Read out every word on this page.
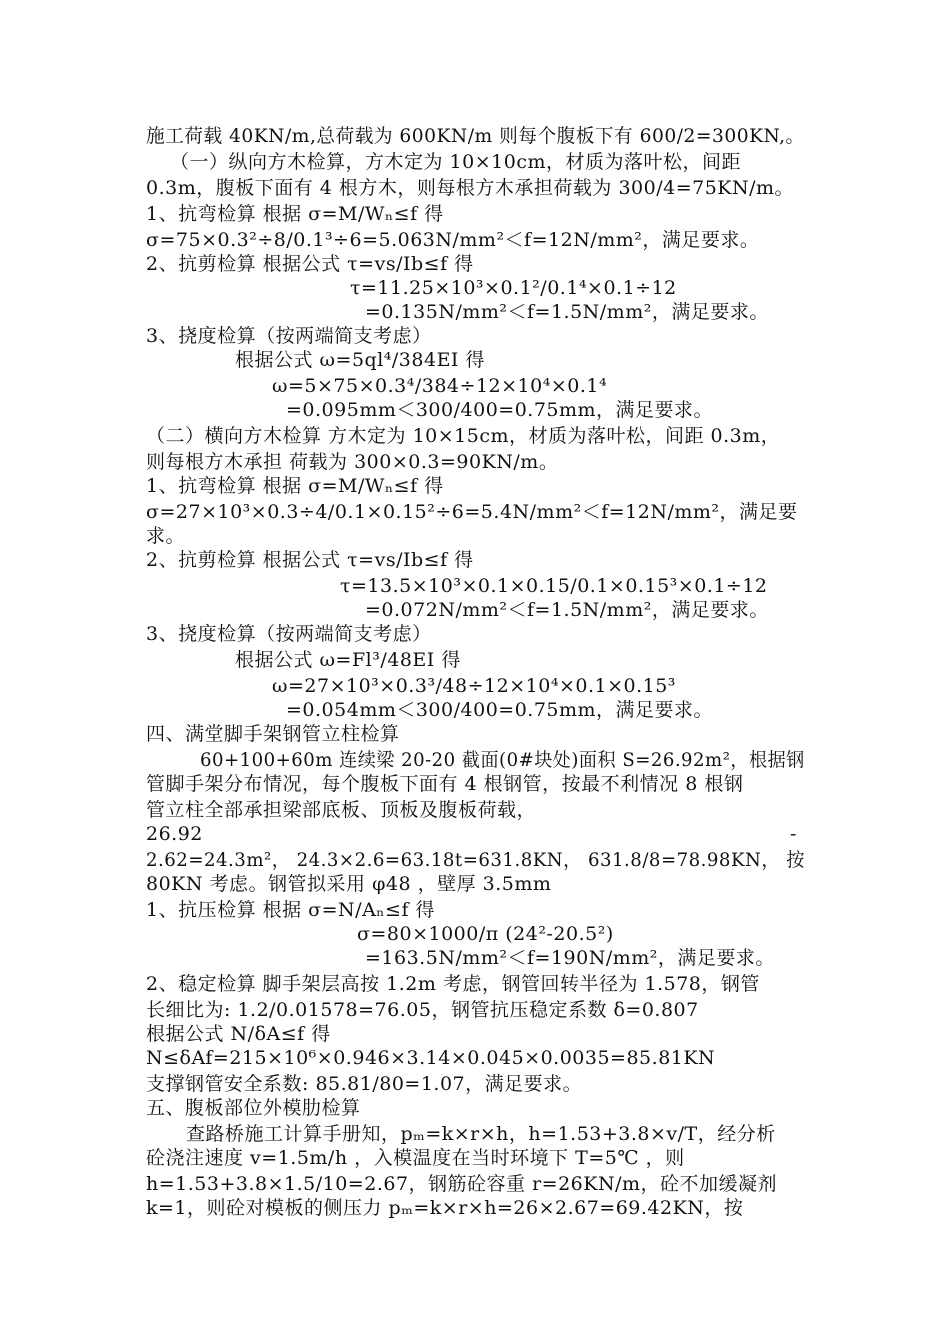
施工荷载 40KN/m,总荷载为 600KN/m 则每个腹板下有 600/2=300KN,。
（一）纵向方木检算，方木定为 10×10cm，材质为落叶松，间距
0.3m，腹板下面有 4 根方木，则每根方木承担荷载为 300/4=75KN/m。
1、抗弯检算 根据 σ=M/Wₙ≤f 得
σ=75×0.3²÷8/0.1³÷6=5.063N/mm²＜f=12N/mm²，满足要求。
2、抗剪检算 根据公式 τ=vs/Ib≤f 得
τ=11.25×10³×0.1²/0.1⁴×0.1÷12
=0.135N/mm²＜f=1.5N/mm²，满足要求。
3、挠度检算（按两端简支考虑）
根据公式 ω=5ql⁴/384EI 得
ω=5×75×0.3⁴/384÷12×10⁴×0.1⁴
=0.095mm＜300/400=0.75mm，满足要求。
（二）横向方木检算 方木定为 10×15cm，材质为落叶松，间距 0.3m，
则每根方木承担 荷载为 300×0.3=90KN/m。
1、抗弯检算 根据 σ=M/Wₙ≤f 得
σ=27×10³×0.3÷4/0.1×0.15²÷6=5.4N/mm²＜f=12N/mm²，满足要
求。
2、抗剪检算 根据公式 τ=vs/Ib≤f 得
τ=13.5×10³×0.1×0.15/0.1×0.15³×0.1÷12
=0.072N/mm²＜f=1.5N/mm²，满足要求。
3、挠度检算（按两端简支考虑）
根据公式 ω=Fl³/48EI 得
ω=27×10³×0.3³/48÷12×10⁴×0.1×0.15³
=0.054mm＜300/400=0.75mm，满足要求。
四、满堂脚手架钢管立柱检算
60+100+60m 连续梁 20-20 截面(0#块处)面积 S=26.92m²，根据钢
管脚手架分布情况，每个腹板下面有 4 根钢管，按最不利情况 8 根钢
管立柱全部承担梁部底板、顶板及腹板荷载，
26.92	-
2.62=24.3m²， 24.3×2.6=63.18t=631.8KN， 631.8/8=78.98KN， 按
80KN 考虑。钢管拟采用 φ48 ，壁厚 3.5mm
1、抗压检算 根据 σ=N/Aₙ≤f 得
σ=80×1000/π (24²-20.5²)
=163.5N/mm²＜f=190N/mm²，满足要求。
2、稳定检算 脚手架层高按 1.2m 考虑，钢管回转半径为 1.578，钢管
长细比为: 1.2/0.01578=76.05，钢管抗压稳定系数 δ=0.807
根据公式 N/δA≤f 得
N≤δAf=215×10⁶×0.946×3.14×0.045×0.0035=85.81KN
支撑钢管安全系数: 85.81/80=1.07，满足要求。
五、腹板部位外模肋检算
查路桥施工计算手册知，pₘ=k×r×h，h=1.53+3.8×v/T，经分析
砼浇注速度 v=1.5m/h ，入模温度在当时环境下 T=5℃ ，则
h=1.53+3.8×1.5/10=2.67，钢筋砼容重 r=26KN/m，砼不加缓凝剂
k=1，则砼对模板的侧压力 pₘ=k×r×h=26×2.67=69.42KN，按
